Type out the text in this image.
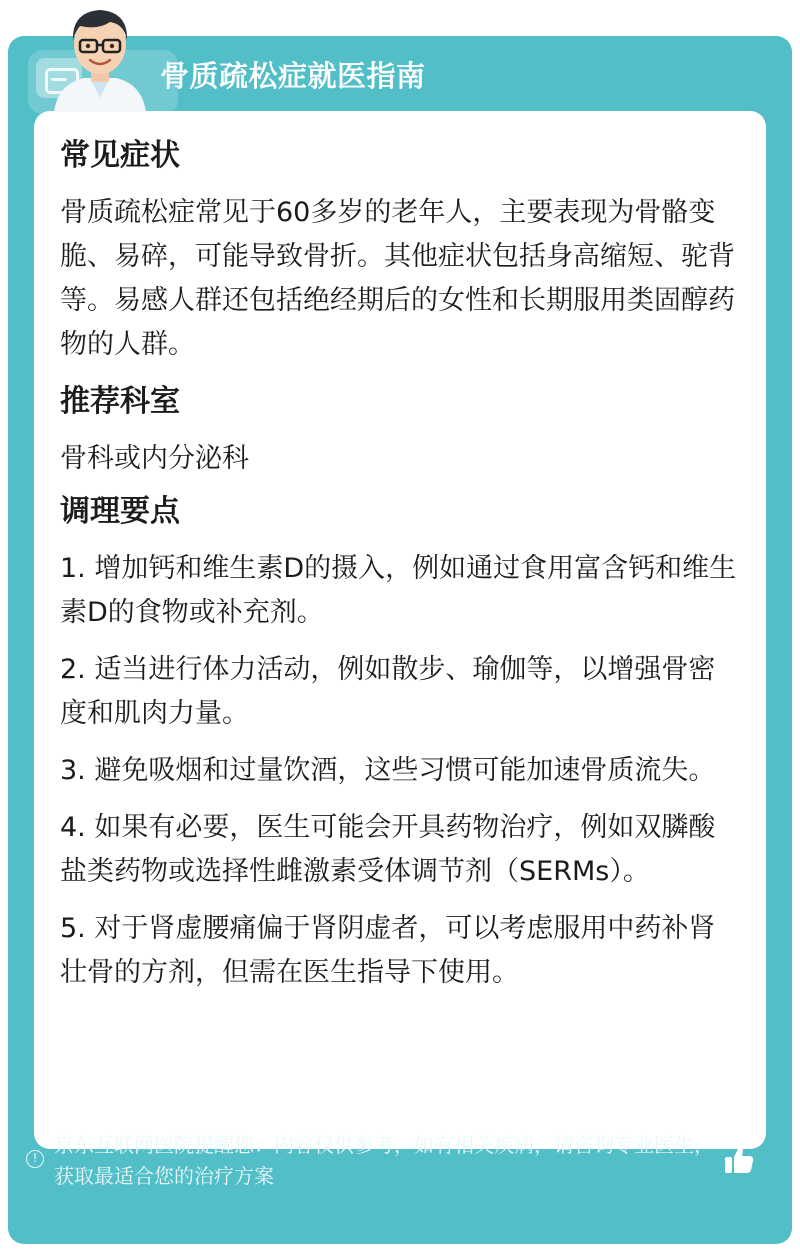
骨质疏松症就医指南
常见症状
骨质疏松症常见于60多岁的老年人，主要表现为骨骼变脆、易碎，可能导致骨折。其他症状包括身高缩短、驼背等。易感人群还包括绝经期后的女性和长期服用类固醇药物的人群。
推荐科室
骨科或内分泌科
调理要点
1. 增加钙和维生素D的摄入，例如通过食用富含钙和维生素D的食物或补充剂。
2. 适当进行体力活动，例如散步、瑜伽等，以增强骨密度和肌肉力量。
3. 避免吸烟和过量饮酒，这些习惯可能加速骨质流失。
4. 如果有必要，医生可能会开具药物治疗，例如双膦酸盐类药物或选择性雌激素受体调节剂（SERMs）。
5. 对于肾虚腰痛偏于肾阴虚者，可以考虑服用中药补肾壮骨的方剂，但需在医生指导下使用。
!
京东互联网医院提醒您：内容仅供参考，如有相关疾病，请咨询专业医生，获取最适合您的治疗方案
